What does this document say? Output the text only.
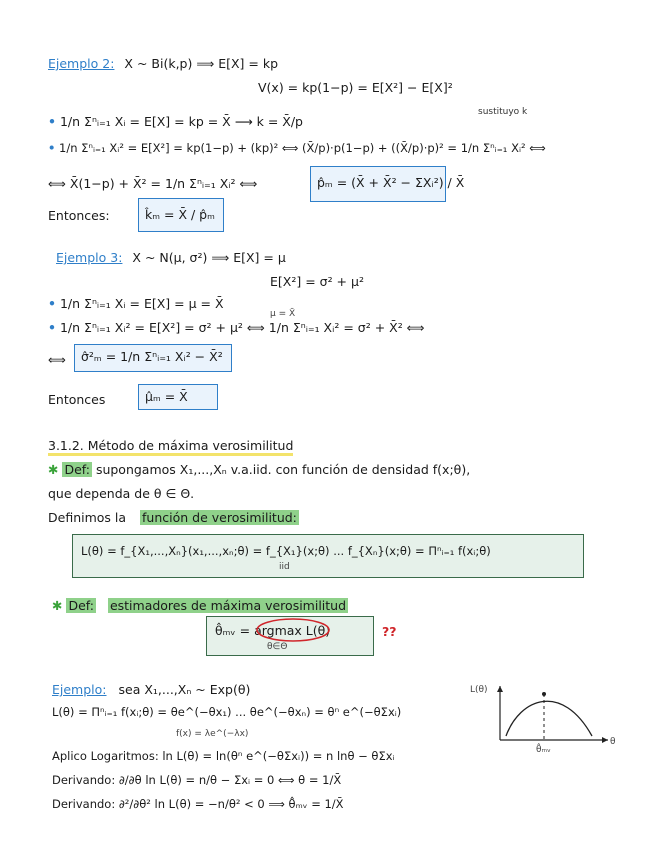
Ejemplo 2: X ~ Bi(k,p) ⟹ E[X] = kp
V(x) = kp(1−p) = E[X²] − E[X]²
sustituyo k
• 1/n Σⁿᵢ₌₁ Xᵢ = E[X] = kp = X̄ ⟶ k = X̄/p
• 1/n Σⁿᵢ₌₁ Xᵢ² = E[X²] = kp(1−p) + (kp)² ⟺ (X̄/p)·p(1−p) + ((X̄/p)·p)² = 1/n Σⁿᵢ₌₁ Xᵢ² ⟺
⟺ X̄(1−p) + X̄² = 1/n Σⁿᵢ₌₁ Xᵢ² ⟺	p̂ₘ = (X̄ + X̄² − ΣXᵢ²) / X̄
Entonces:	k̂ₘ = X̄ / p̂ₘ
Ejemplo 3: X ~ N(μ, σ²) ⟹ E[X] = μ
E[X²] = σ² + μ²
• 1/n Σⁿᵢ₌₁ Xᵢ = E[X] = μ = X̄
μ = X̄
• 1/n Σⁿᵢ₌₁ Xᵢ² = E[X²] = σ² + μ² ⟺ 1/n Σⁿᵢ₌₁ Xᵢ² = σ² + X̄² ⟺
⟺ σ̂²ₘ = 1/n Σⁿᵢ₌₁ Xᵢ² − X̄²
Entonces	μ̂ₘ = X̄
3.1.2. Método de máxima verosimilitud
✱ Def: supongamos X₁,...,Xₙ v.a.iid. con función de densidad f(x;θ),
que dependa de θ ∈ Θ.
Definimos la función de verosimilitud:
L(θ) = f_{X₁,...,Xₙ}(x₁,...,xₙ;θ) = f_{X₁}(x;θ) ... f_{Xₙ}(x;θ) = Πⁿᵢ₌₁ f(xᵢ;θ)
iid
✱ Def: estimadores de máxima verosimilitud
θ̂ₘᵥ = argmax L(θ)
θ∈Θ
??
Ejemplo: sea X₁,...,Xₙ ~ Exp(θ)
L(θ) = Πⁿᵢ₌₁ f(xᵢ;θ) = θe^(−θx₁) ... θe^(−θxₙ) = θⁿ e^(−θΣxᵢ)
f(x) = λe^(−λx)
Aplico Logaritmos: ln L(θ) = ln(θⁿ e^(−θΣxᵢ)) = n lnθ − θΣxᵢ
Derivando: ∂/∂θ ln L(θ) = n/θ − Σxᵢ = 0 ⟺ θ = 1/X̄
Derivando: ∂²/∂θ² ln L(θ) = −n/θ² < 0 ⟹ θ̂ₘᵥ = 1/X̄
L(θ)
θ
θ̂ₘᵥ
